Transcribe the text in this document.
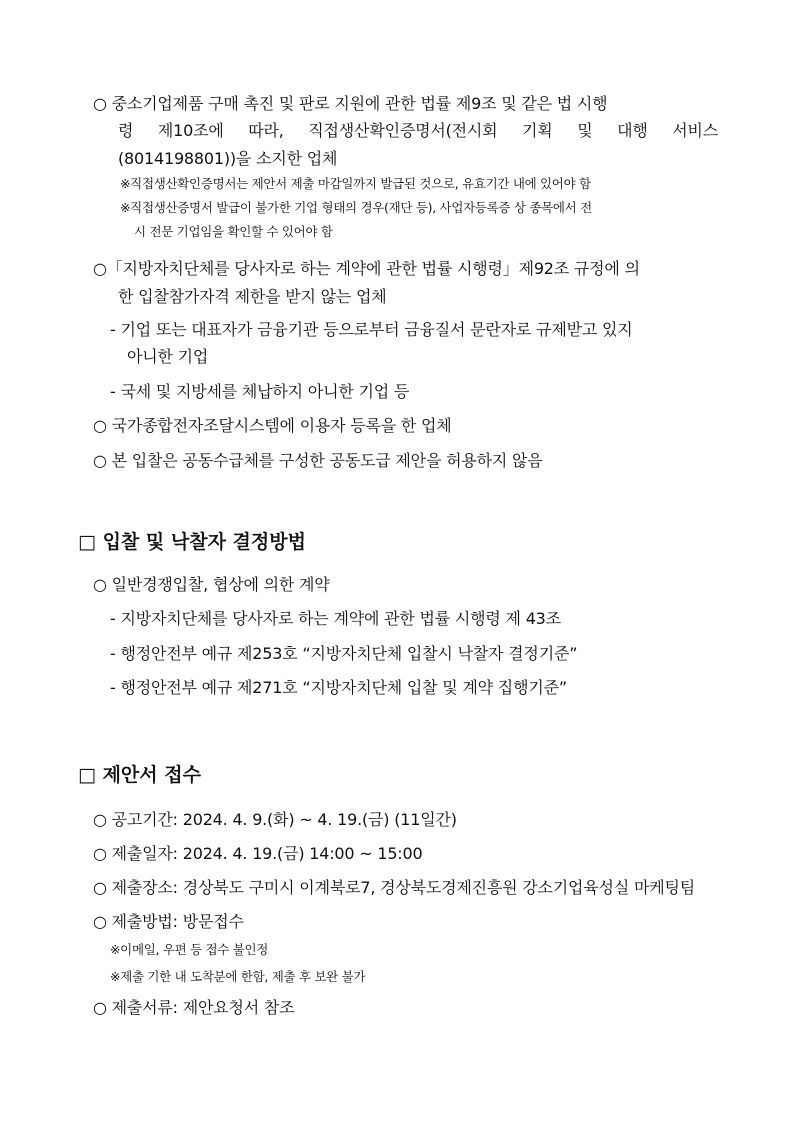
○ 중소기업제품 구매 촉진 및 판로 지원에 관한 법률 제9조 및 같은 법 시행
령 제10조에 따라, 직접생산확인증명서(전시회 기획 및 대행 서비스
(8014198801))을 소지한 업체
※직접생산확인증명서는 제안서 제출 마감일까지 발급된 것으로, 유효기간 내에 있어야 함
※직접생산증명서 발급이 불가한 기업 형태의 경우(재단 등), 사업자등록증 상 종목에서 전
시 전문 기업임을 확인할 수 있어야 함
○「지방자치단체를 당사자로 하는 계약에 관한 법률 시행령」제92조 규정에 의
한 입찰참가자격 제한을 받지 않는 업체
- 기업 또는 대표자가 금융기관 등으로부터 금융질서 문란자로 규제받고 있지
아니한 기업
- 국세 및 지방세를 체납하지 아니한 기업 등
○ 국가종합전자조달시스템에 이용자 등록을 한 업체
○ 본 입찰은 공동수급체를 구성한 공동도급 제안을 허용하지 않음
□ 입찰 및 낙찰자 결정방법
○ 일반경쟁입찰, 협상에 의한 계약
- 지방자치단체를 당사자로 하는 계약에 관한 법률 시행령 제 43조
- 행정안전부 예규 제253호 “지방자치단체 입찰시 낙찰자 결정기준”
- 행정안전부 예규 제271호 “지방자치단체 입찰 및 계약 집행기준”
□ 제안서 접수
○ 공고기간: 2024. 4. 9.(화) ~ 4. 19.(금) (11일간)
○ 제출일자: 2024. 4. 19.(금) 14:00 ~ 15:00
○ 제출장소: 경상북도 구미시 이계북로7, 경상북도경제진흥원 강소기업육성실 마케팅팀
○ 제출방법: 방문접수
※이메일, 우편 등 접수 불인정
※제출 기한 내 도착분에 한함, 제출 후 보완 불가
○ 제출서류: 제안요청서 참조
